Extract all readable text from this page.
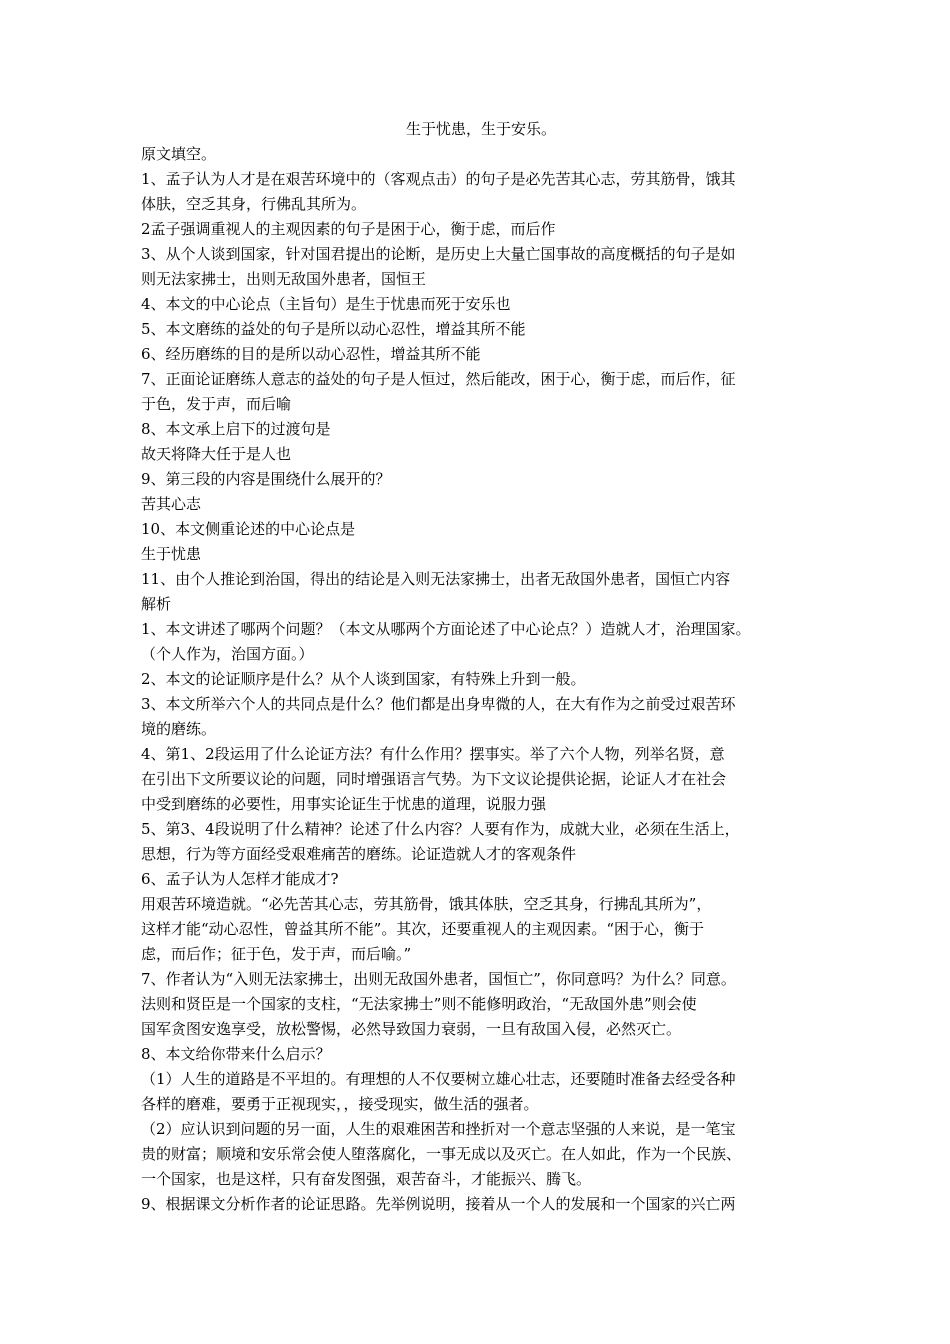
生于忧患，生于安乐。
原文填空。
1、孟子认为人才是在艰苦环境中的（客观点击）的句子是必先苦其心志，劳其筋骨，饿其
体肤，空乏其身，行佛乱其所为。
2孟子强调重视人的主观因素的句子是困于心，衡于虑，而后作
3、从个人谈到国家，针对国君提出的论断，是历史上大量亡国事故的高度概括的句子是如
则无法家拂士，出则无敌国外患者，国恒王
4、本文的中心论点（主旨句）是生于忧患而死于安乐也
5、本文磨练的益处的句子是所以动心忍性，增益其所不能
6、经历磨练的目的是所以动心忍性，增益其所不能
7、正面论证磨练人意志的益处的句子是人恒过，然后能改，困于心，衡于虑，而后作，征
于色，发于声，而后喻
8、本文承上启下的过渡句是
故天将降大任于是人也
9、第三段的内容是围绕什么展开的？
苦其心志
10、本文侧重论述的中心论点是
生于忧患
11、由个人推论到治国，得出的结论是入则无法家拂士，出者无敌国外患者，国恒亡内容
解析
1、本文讲述了哪两个问题？（本文从哪两个方面论述了中心论点？）造就人才，治理国家。
（个人作为，治国方面。）
2、本文的论证顺序是什么？从个人谈到国家，有特殊上升到一般。
3、本文所举六个人的共同点是什么？他们都是出身卑微的人，在大有作为之前受过艰苦环
境的磨练。
4、第1、2段运用了什么论证方法？有什么作用？摆事实。举了六个人物，列举名贤，意
在引出下文所要议论的问题，同时增强语言气势。为下文议论提供论据，论证人才在社会
中受到磨练的必要性，用事实论证生于忧患的道理，说服力强
5、第3、4段说明了什么精神？论述了什么内容？人要有作为，成就大业，必须在生活上，
思想，行为等方面经受艰难痛苦的磨练。论证造就人才的客观条件
6、孟子认为人怎样才能成才?
用艰苦环境造就。“必先苦其心志，劳其筋骨，饿其体肤，空乏其身，行拂乱其所为”，
这样才能“动心忍性，曾益其所不能”。其次，还要重视人的主观因素。“困于心，衡于
虑，而后作；征于色，发于声，而后喻。”
7、作者认为“入则无法家拂士，出则无敌国外患者，国恒亡”，你同意吗？为什么？同意。
法则和贤臣是一个国家的支柱，“无法家拂士”则不能修明政治，“无敌国外患”则会使
国军贪图安逸享受，放松警惕，必然导致国力衰弱，一旦有敌国入侵，必然灭亡。
8、本文给你带来什么启示？
（1）人生的道路是不平坦的。有理想的人不仅要树立雄心壮志，还要随时准备去经受各种
各样的磨难，要勇于正视现实，，接受现实，做生活的强者。
（2）应认识到问题的另一面，人生的艰难困苦和挫折对一个意志坚强的人来说，是一笔宝
贵的财富；顺境和安乐常会使人堕落腐化，一事无成以及灭亡。在人如此，作为一个民族、
一个国家，也是这样，只有奋发图强，艰苦奋斗，才能振兴、腾飞。
9、根据课文分析作者的论证思路。先举例说明，接着从一个人的发展和一个国家的兴亡两
